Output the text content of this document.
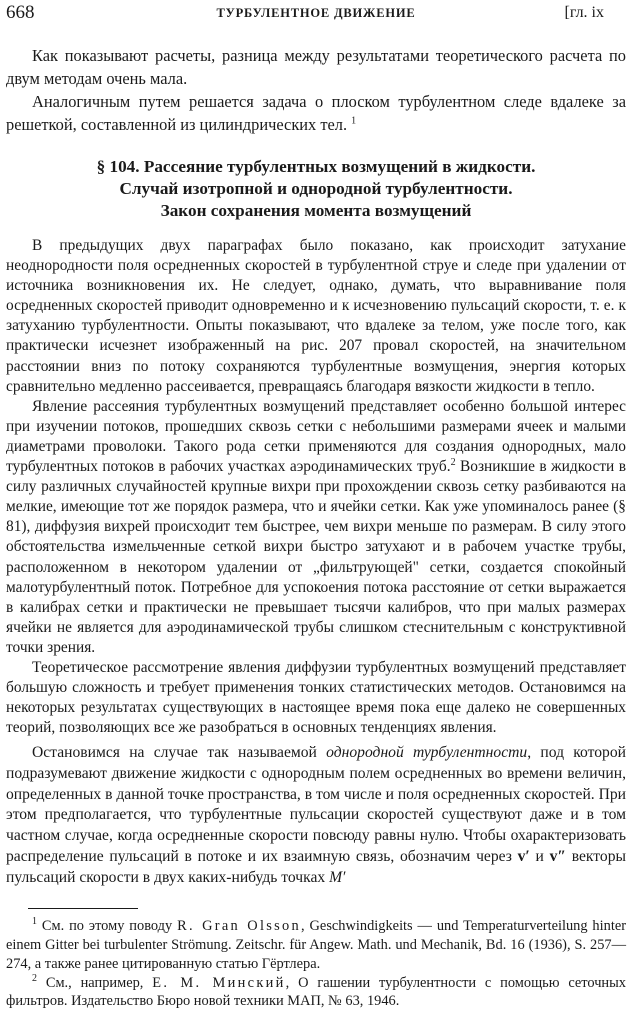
668	ТУРБУЛЕНТНОЕ ДВИЖЕНИЕ	[гл. ix

Как показывают расчеты, разница между результатами теоретического расчета по двум методам очень мала.

Аналогичным путем решается задача о плоском турбулентном следе вдалеке за решеткой, составленной из цилиндрических тел. $^1$

§ 104. Рассеяние турбулентных возмущений в жидкости.
Случай изотропной и однородной турбулентности.
Закон сохранения момента возмущений

В предыдущих двух параграфах было показано, как происходит затухание неоднородности поля осредненных скоростей в турбулентной струе и следе при удалении от источника возникновения их. Не следует, однако, думать, что выравнивание поля осредненных скоростей приводит одновременно и к исчезновению пульсаций скорости, т. е. к затуханию турбулентности. Опыты показывают, что вдалеке за телом, уже после того, как практически исчезнет изображенный на рис. 207 провал скоростей, на значительном расстоянии вниз по потоку сохраняются турбулентные возмущения, энергия которых сравнительно медленно рассеивается, превращаясь благодаря вязкости жидкости в тепло.

Явление рассеяния турбулентных возмущений представляет особенно большой интерес при изучении потоков, прошедших сквозь сетки с небольшими размерами ячеек и малыми диаметрами проволоки. Такого рода сетки применяются для создания однородных, мало турбулентных потоков в рабочих участках аэродинамических труб.$^2$ Возникшие в жидкости в силу различных случайностей крупные вихри при прохождении сквозь сетку разбиваются на мелкие, имеющие тот же порядок размера, что и ячейки сетки. Как уже упоминалось ранее (§ 81), диффузия вихрей происходит тем быстрее, чем вихри меньше по размерам. В силу этого обстоятельства измельченные сеткой вихри быстро затухают и в рабочем участке трубы, расположенном в некотором удалении от „фильтрующей" сетки, создается спокойный малотурбулентный поток. Потребное для успокоения потока расстояние от сетки выражается в калибрах сетки и практически не превышает тысячи калибров, что при малых размерах ячейки не является для аэродинамической трубы слишком стеснительным с конструктивной точки зрения.

Теоретическое рассмотрение явления диффузии турбулентных возмущений представляет большую сложность и требует применения тонких статистических методов. Остановимся на некоторых результатах существующих в настоящее время пока еще далеко не совершенных теорий, позволяющих все же разобраться в основных тенденциях явления.

Остановимся на случае так называемой однородной турбулентности, под которой подразумевают движение жидкости с однородным полем осредненных во времени величин, определенных в данной точке пространства, в том числе и поля осредненных скоростей. При этом предполагается, что турбулентные пульсации скоростей существуют даже и в том частном случае, когда осредненные скорости повсюду равны нулю. Чтобы охарактеризовать распределение пульсаций в потоке и их взаимную связь, обозначим через v′ и v″ векторы пульсаций скорости в двух каких-нибудь точках M′

$^1$ См. по этому поводу R. Gran Olsson, Geschwindigkeits — und Temperaturverteilung hinter einem Gitter bei turbulenter Strömung. Zeitschr. für Angew. Math. und Mechanik, Bd. 16 (1936), S. 257—274, а также ранее цитированную статью Гёртлера.

$^2$ См., например, Е. М. Минский, О гашении турбулентности с помощью сеточных фильтров. Издательство Бюро новой техники МАП, № 63, 1946.
